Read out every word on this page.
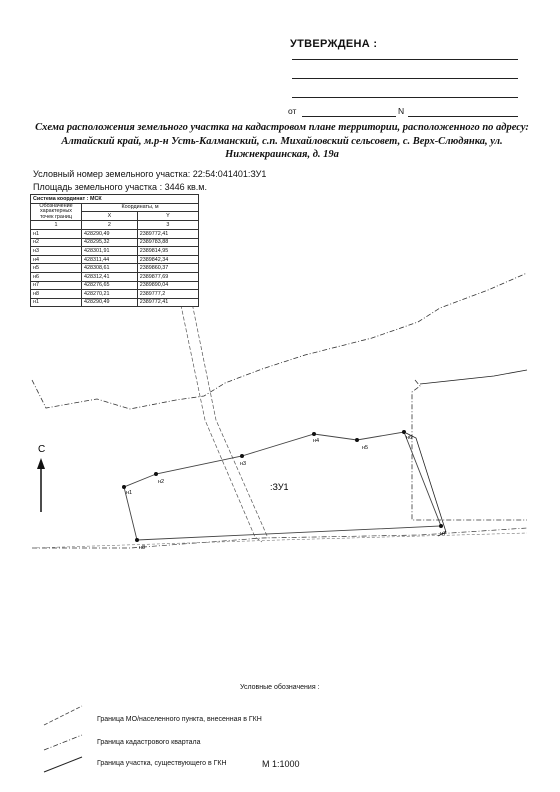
УТВЕРЖДЕНА :
от	N
Схема расположения земельного участка на кадастровом плане территории, расположенного по адресу:
Алтайский край, м.р-н Усть-Калманский, с.п. Михайловский сельсовет, с. Верх-Слюдянка, ул.
Нижнекраинская, д. 19а
Условный номер земельного участка: 22:54:041401:ЗУ1
Площадь земельного участка : 3446 кв.м.
н1
н2
н3
н4
н5
н6
н7
н8
:ЗУ1
С
Система координат : МСК		
Обозначение характерных точек границ	Координаты, м	
	X	Y
1	2	3
н1	428290,49	2389772,41
н2	428295,32	2389783,88
н3	428301,91	2389814,95
н4	428311,44	2389842,34
н5	428308,61	2389860,37
н6	428312,41	2389877,69
н7	428276,65	2389890,04
н8	428270,21	2389777,2
н1	428290,49	2389772,41
Условные обозначения :
Граница МО/населенного пункта, внесенная в ГКН
Граница кадастрового квартала
Граница участка, существующего в ГКН	М 1:1000
